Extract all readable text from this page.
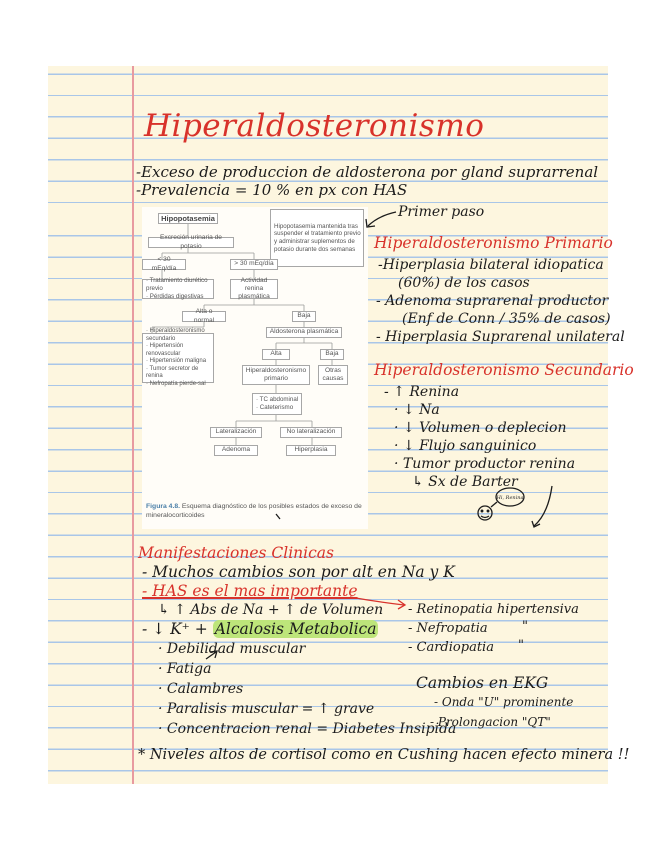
Hiperaldosteronismo
-Exceso de produccion de aldosterona por gland suprarrenal
-Prevalencia = 10 % en px con HAS
Hipopotasemia
Hipopotasemia mantenida tras suspender el tratamiento previo y administrar suplementos de potasio durante dos semanas
Excreción urinaria de potasio
< 30 mEq/día
> 30 mEq/día
· Tratamiento diurético previo
· Pérdidas digestivas
Actividad renina plasmática
Alta o normal
Baja
· Hiperaldosteronismo secundario
· Hipertensión renovascular
· Hipertensión maligna
· Tumor secretor de renina
· Nefropatía pierde-sal
Aldosterona plasmática
Alta	Baja
Hiperaldosteronismo primario
Otras causas
· TC abdominal
· Cateterismo
Lateralización	No lateralización
Adenoma	Hiperplasia
Figura 4.8. Esquema diagnóstico de los posibles estados de exceso de mineralocorticoides
Primer paso
Hiperaldosteronismo Primario
-Hiperplasia bilateral idiopatica
(60%) de los casos
- Adenoma suprarenal productor
(Enf de Conn / 35% de casos)
- Hiperplasia Suprarenal unilateral
Hiperaldosteronismo Secundario
- ↑ Renina
· ↓ Na
· ↓ Volumen o deplecion
· ↓ Flujo sanguinico
· Tumor productor renina
↳ Sx de Barter
Hi, Renina
Manifestaciones Clinicas
- Muchos cambios son por alt en Na y K
- HAS es el mas importante
↳ ↑ Abs de Na + ↑ de Volumen
- ↓ K⁺ + Alcalosis Metabolica
· Debilidad muscular
· Fatiga
· Calambres
· Paralisis muscular = ↑ grave
· Concentracion renal = Diabetes Insipida
- Retinopatia hipertensiva
- Nefropatia	"
- Cardiopatia "
Cambios en EKG
- Onda "U" prominente
- Prolongacion "QT"
* Niveles altos de cortisol como en Cushing hacen efecto minera !!
